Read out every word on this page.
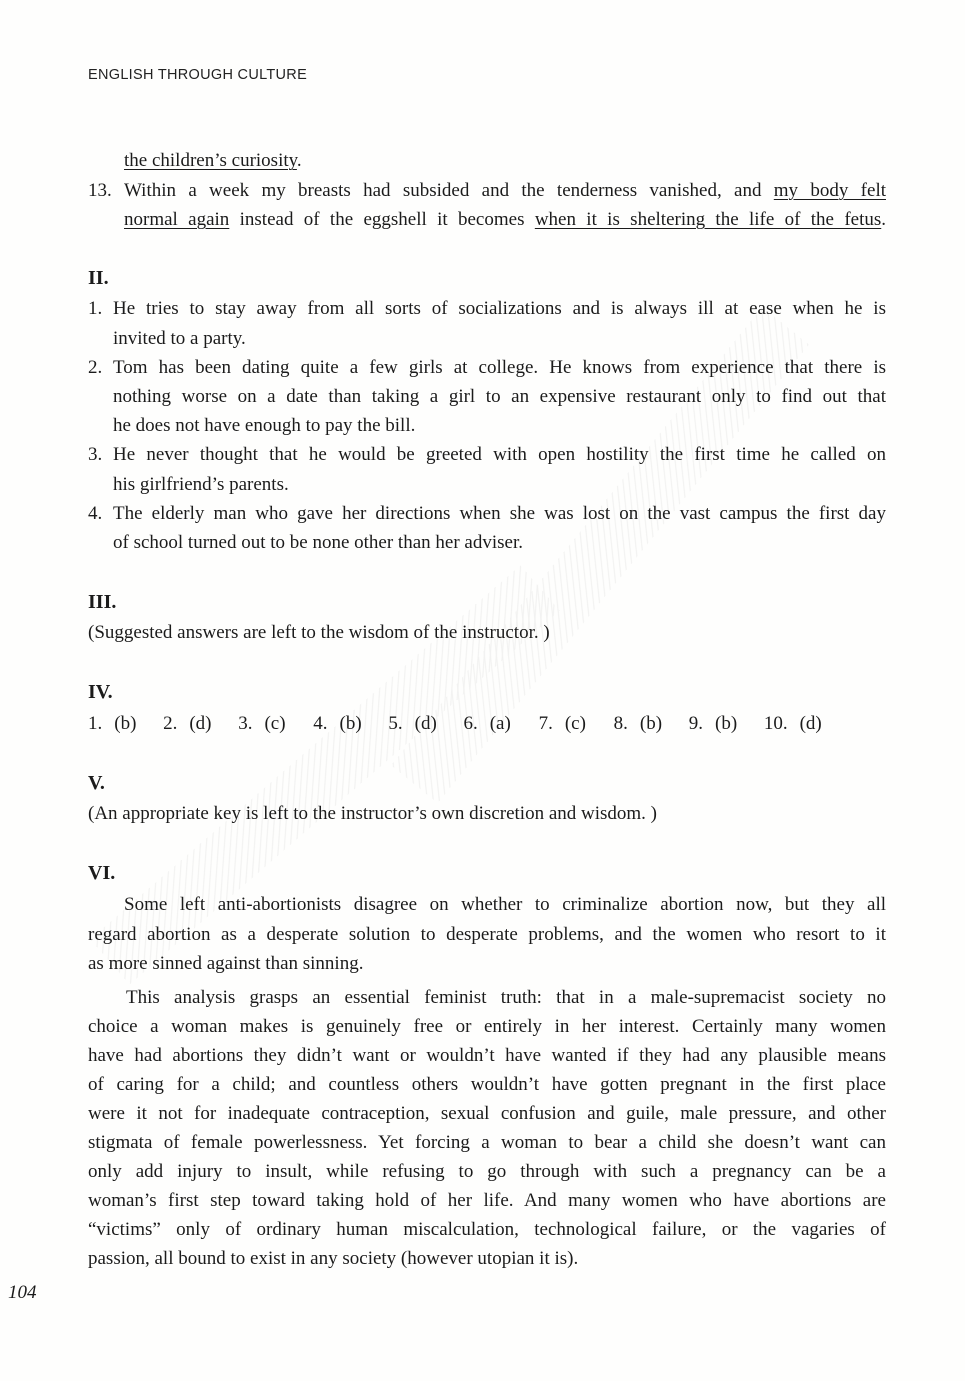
ENGLISH THROUGH CULTURE
the children’s curiosity.
13. Within a week my breasts had subsided and the tenderness vanished, and my body felt
normal again instead of the eggshell it becomes when it is sheltering the life of the fetus.
II.
1. He tries to stay away from all sorts of socializations and is always ill at ease when he is
invited to a party.
2. Tom has been dating quite a few girls at college. He knows from experience that there is
nothing worse on a date than taking a girl to an expensive restaurant only to find out that
he does not have enough to pay the bill.
3. He never thought that he would be greeted with open hostility the first time he called on
his girlfriend’s parents.
4. The elderly man who gave her directions when she was lost on the vast campus the first day
of school turned out to be none other than her adviser.
III.
(Suggested answers are left to the wisdom of the instructor. )
IV.
1. (b)	2. (d)	3. (c)	4. (b)	5. (d)	6. (a)	7. (c)	8. (b)	9. (b)	10. (d)
V.
(An appropriate key is left to the instructor’s own discretion and wisdom. )
VI.
Some left anti-abortionists disagree on whether to criminalize abortion now, but they all
regard abortion as a desperate solution to desperate problems, and the women who resort to it
as more sinned against than sinning.
This analysis grasps an essential feminist truth: that in a male-supremacist society no
choice a woman makes is genuinely free or entirely in her interest. Certainly many women
have had abortions they didn’t want or wouldn’t have wanted if they had any plausible means
of caring for a child; and countless others wouldn’t have gotten pregnant in the first place
were it not for inadequate contraception, sexual confusion and guile, male pressure, and other
stigmata of female powerlessness. Yet forcing a woman to bear a child she doesn’t want can
only add injury to insult, while refusing to go through with such a pregnancy can be a
woman’s first step toward taking hold of her life. And many women who have abortions are
“victims” only of ordinary human miscalculation, technological failure, or the vagaries of
passion, all bound to exist in any society (however utopian it is).
104
